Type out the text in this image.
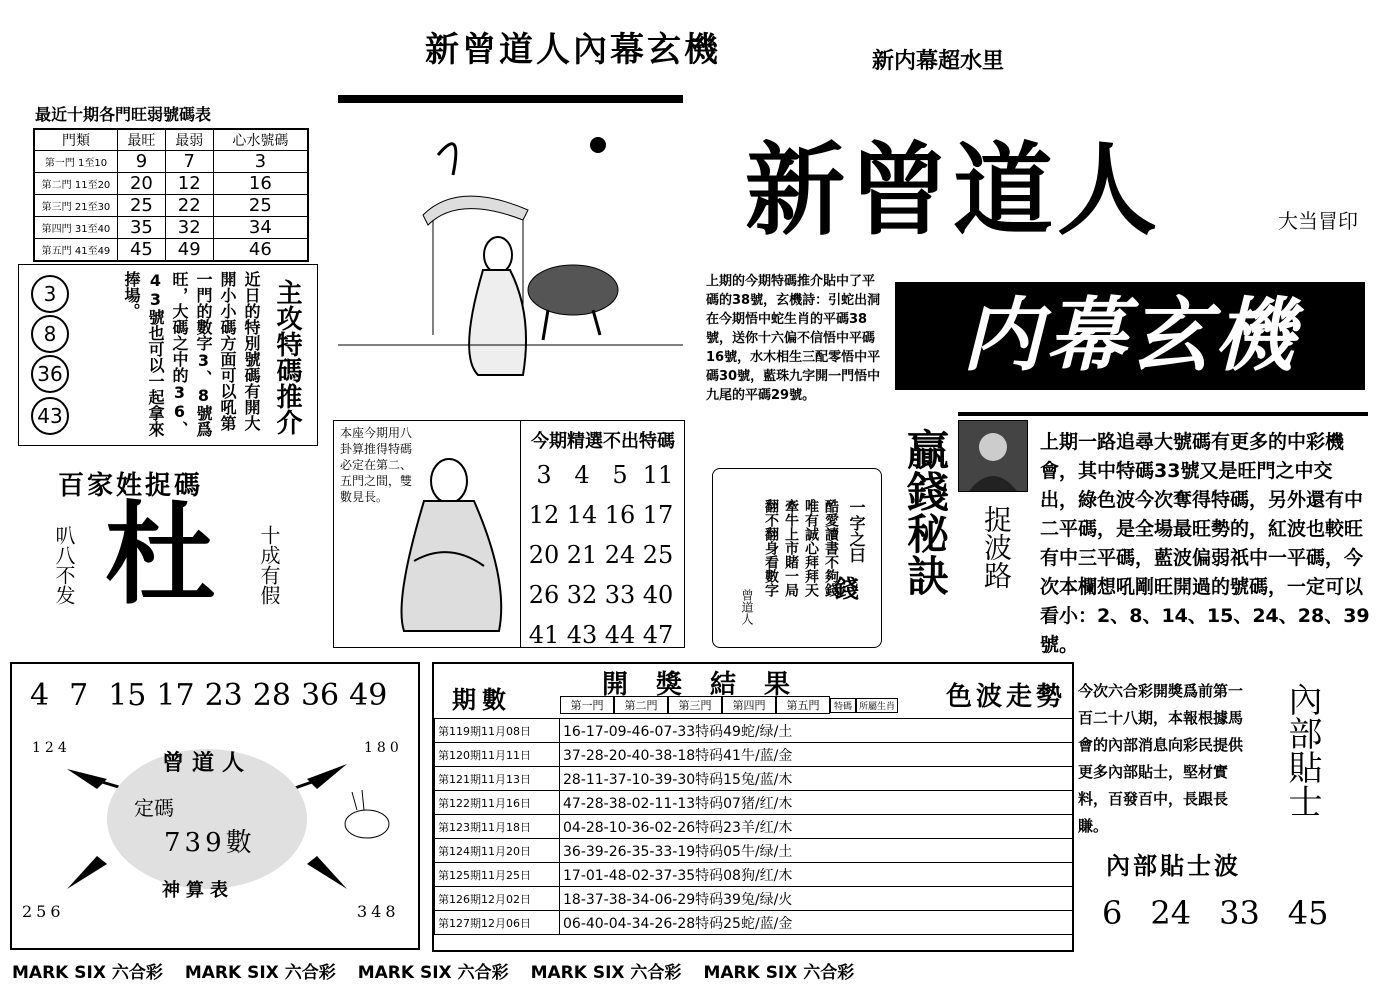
新曾道人內幕玄機	新内幕超水里
最近十期各門旺弱號碼表
門類	最旺	最弱	心水號碼
第一門 1至10	9	7	3
第二門 11至20	20	12	16
第三門 21至30	25	22	25
第四門 31至40	35	32	34
第五門 41至49	45	49	46
3
8
36
43	近日的特別號碼有開大開小小碼方面可以吼第一門的數字3、8號爲旺，大碼之中的36、43號也可以一起拿來捧場。	主攻特碼推介
百家姓捉碼
叭八不发 杜 十成有假
本座今期用八卦算推得特碼必定在第二、五門之間，雙數見長。
今期精選不出特碼
3 4 5 11
12 14 16 17
20 21 24 25
26 32 33 40
41 43 44 47
新曾道人	大当冒印
内幕玄機
上期的今期特碼推介貼中了平碼的38號，玄機詩：引蛇出洞在今期悟中蛇生肖的平碼38號，送你十六偏不信悟中平碼16號，水木相生三配零悟中平碼30號，藍珠九字開一門悟中九尾的平碼29號。
一字之曰
酷愛讀書不夠錢
唯有誠心拜拜天
牽牛上市賭一局
翻不翻身看數字
曾道人	錢 贏錢秘訣 捉波路
上期一路追尋大號碼有更多的中彩機會，其中特碼33號又是旺門之中交出，綠色波今次奪得特碼，另外還有中二平碼，是全場最旺勢的，紅波也較旺有中三平碼，藍波偏弱祇中一平碼，今次本欄想吼剛旺開過的號碼，一定可以看小：2、8、14、15、24、28、39號。
4 7 15 17 23 28 36 49
124	180
曾道人
定碼
739數
神算表
256	348
期數	開獎結果	色波走勢
第一門 第二門 第三門 第四門 第五門 特碼 所屬生肖
第119期11月08日	16-17-09-46-07-33特码49蛇/绿/土
第120期11月11日	37-28-20-40-38-18特码41牛/蓝/金
第121期11月13日	28-11-37-10-39-30特码15兔/蓝/木
第122期11月16日	47-28-38-02-11-13特码07猪/红/木
第123期11月18日	04-28-10-36-02-26特码23羊/红/木
第124期11月20日	36-39-26-35-33-19特码05牛/绿/土
第125期11月25日	17-01-48-02-37-35特码08狗/红/木
第126期12月02日	18-37-38-34-06-29特码39兔/绿/火
第127期12月06日	06-40-04-34-26-28特码25蛇/蓝/金
今次六合彩開獎爲前第一百二十八期，本報根據馬會的內部消息向彩民提供更多內部貼士，堅材實料，百發百中，長跟長賺。
內部貼士
內部貼士波
6 24 33 45
MARK SIX 六合彩 MARK SIX 六合彩 MARK SIX 六合彩 MARK SIX 六合彩 MARK SIX 六合彩
